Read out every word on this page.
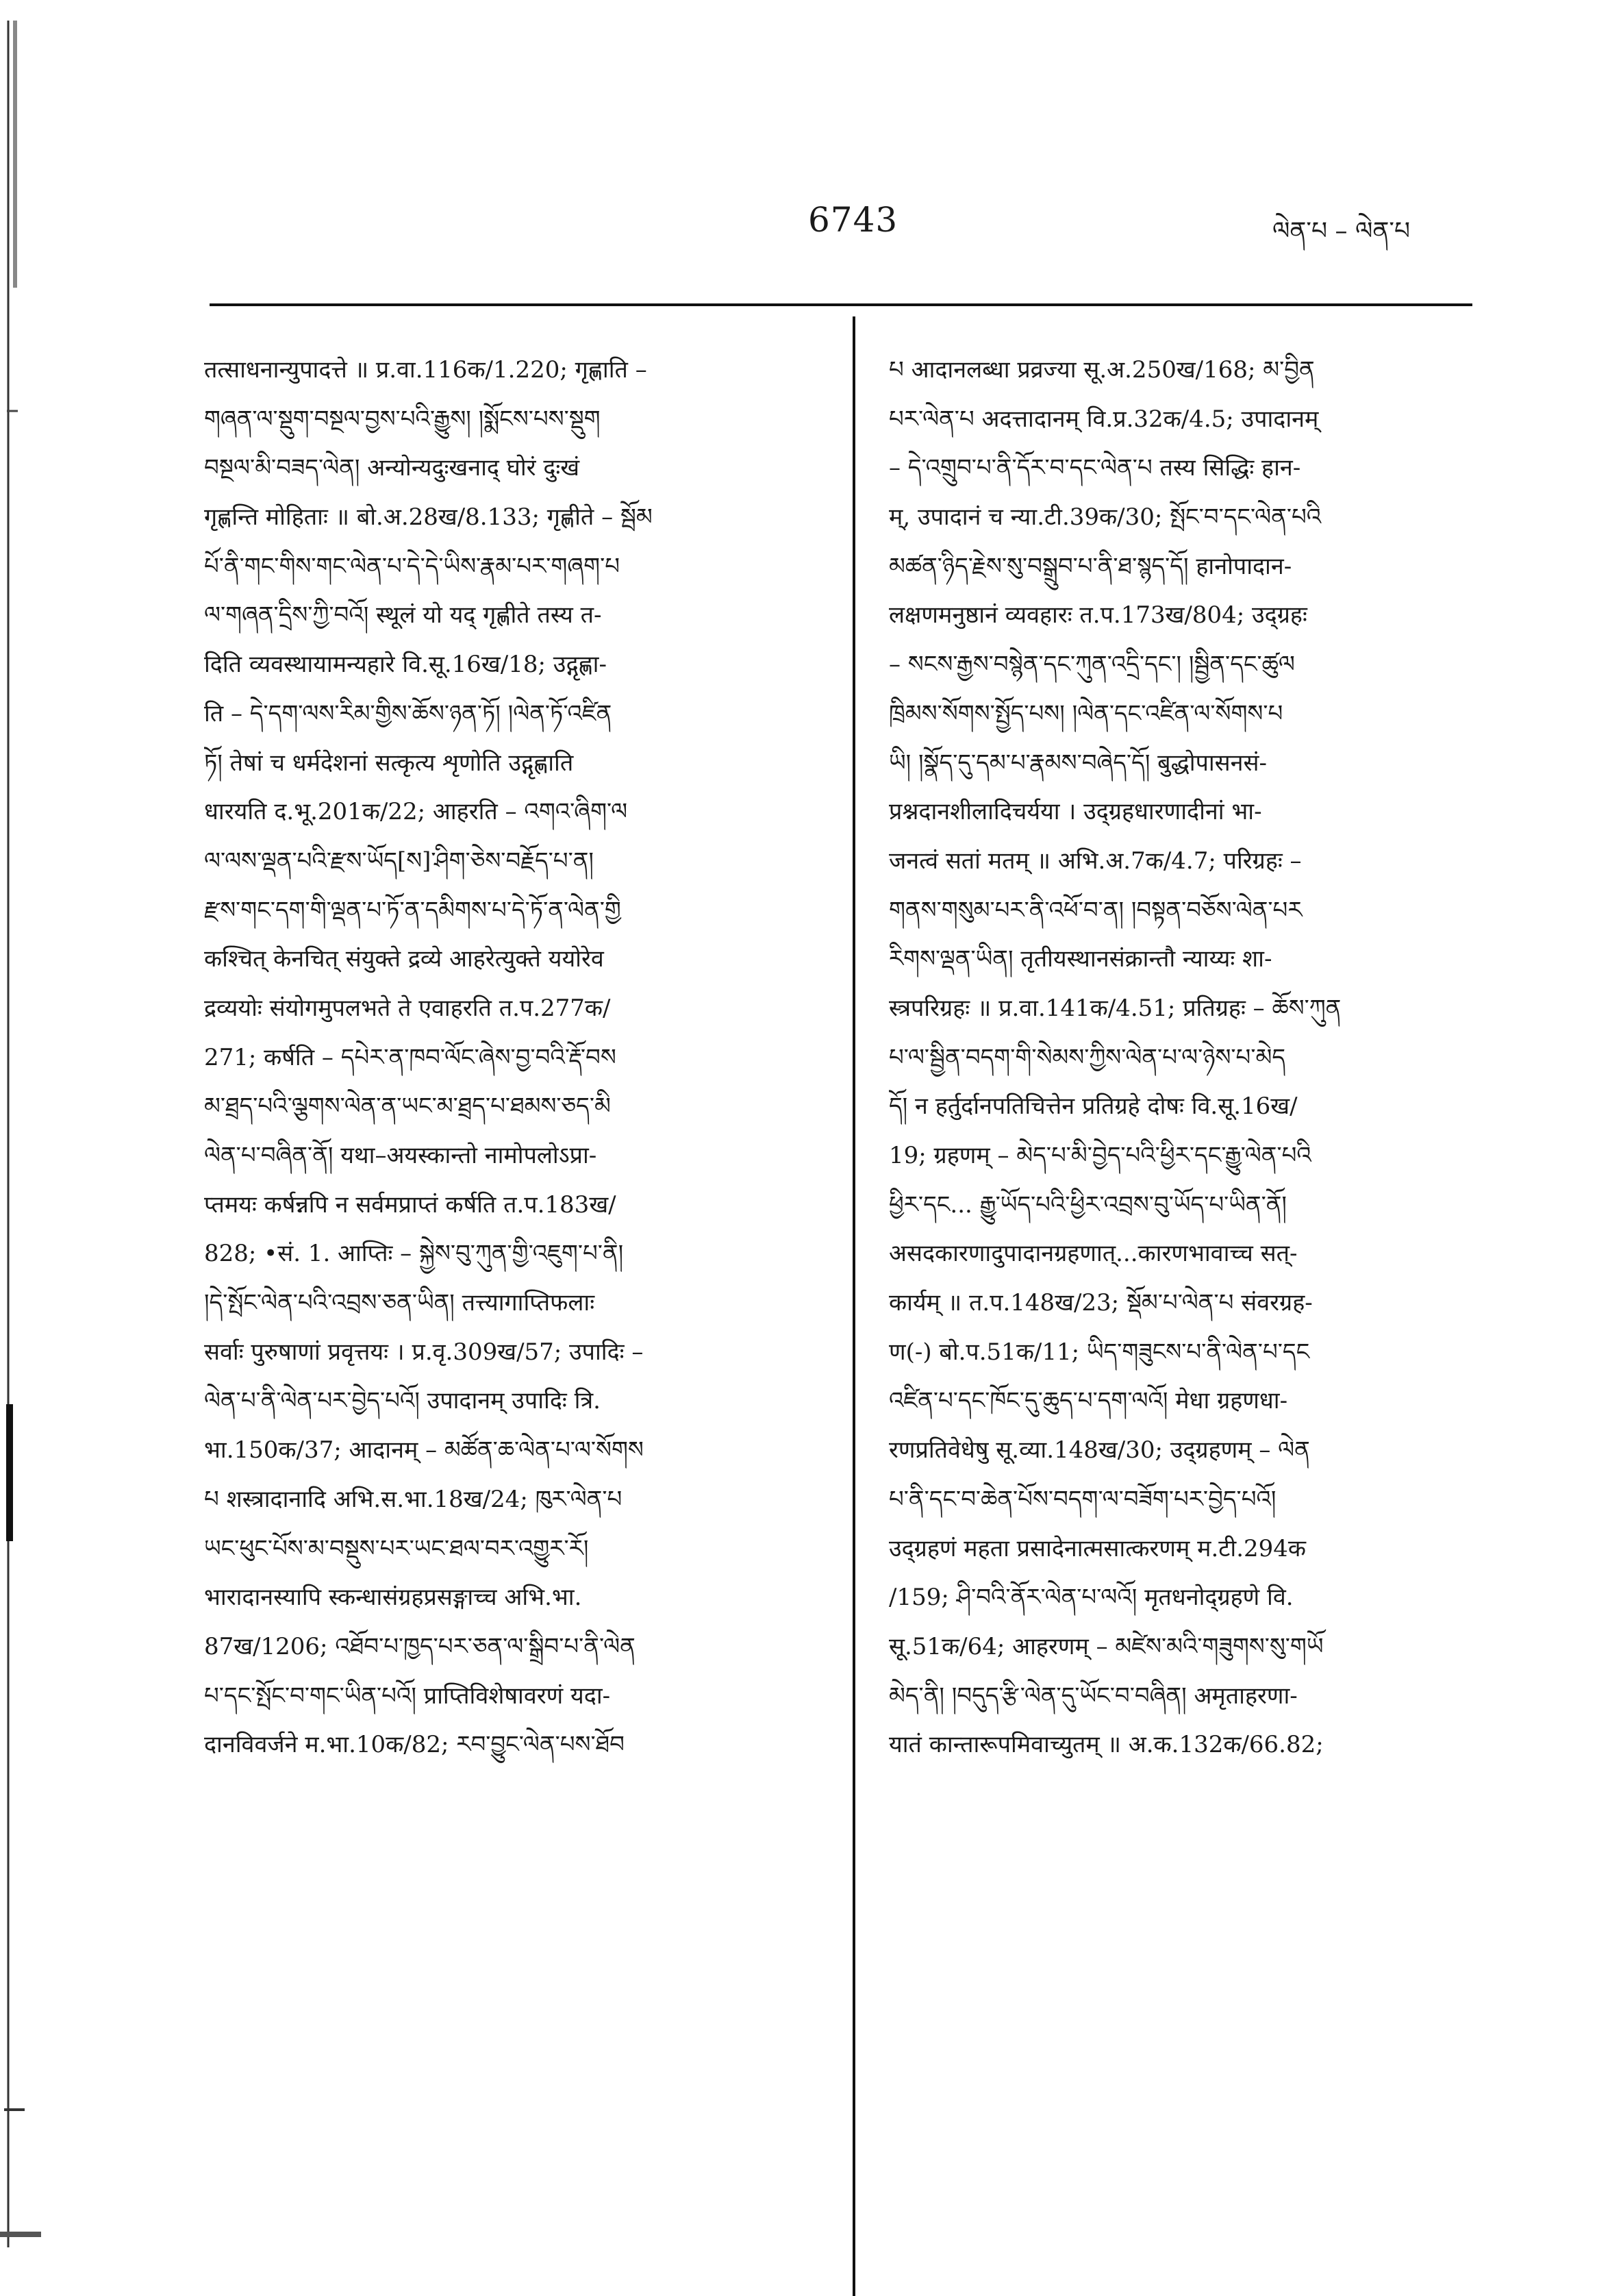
6743	ལེན་པ – ལེན་པ
तत्साधनान्युपादत्ते ॥ प्र.वा.116क/1.220; गृह्णाति –
གཞན་ལ་སྡུག་བསྔལ་བྱས་པའི་རྒྱུས། །སྨོངས་པས་སྡུག
བསྔལ་མི་བཟད་ལེན། अन्योन्यदुःखनाद् घोरं दुःखं
गृह्णन्ति मोहिताः ॥ बो.अ.28ख/8.133; गृह्णीते – སྦོམ
པོ་ནི་གང་གིས་གང་ལེན་པ་དེ་དེ་ཡིས་རྣམ་པར་གཞག་པ
ལ་གཞན་དྲིས་ཀྱི་བའོ། स्थूलं यो यद् गृह्णीते तस्य त-
दिति व्यवस्थायामन्यहारे वि.सू.16ख/18; उद्गृह्णा-
ति – དེ་དག་ལས་རིམ་གྱིས་ཆོས་ཉན་ཏོ། །ལེན་ཏོ་འཛིན
ཏོ། तेषां च धर्मदेशनां सत्कृत्य शृणोति उद्गृह्णाति
धारयति द.भू.201क/22; आहरति – འགའ་ཞིག་ལ
ལ་ལས་ལྡན་པའི་རྫས་ཡོད[ས]་ཤིག་ཅེས་བརྗོད་པ་ན།
རྫས་གང་དག་གི་ལྡན་པ་ཏོ་ན་དམིགས་པ་དེ་ཏོ་ན་ལེན་གྱི
कश्चित् केनचित् संयुक्ते द्रव्ये आहरेत्युक्ते ययोरेव
द्रव्ययोः संयोगमुपलभते ते एवाहरति त.प.277क/
271; कर्षति – དཔེར་ན་ཁབ་ལོང་ཞེས་བྱ་བའི་རྡོ་བས
མ་ཐྲད་པའི་ལྕགས་ལེན་ན་ཡང་མ་ཐྲད་པ་ཐམས་ཅད་མི
ལེན་པ་བཞིན་ནོ། यथा–अयस्कान्तो नामोपलोऽप्रा-
प्तमयः कर्षन्नपि न सर्वमप्राप्तं कर्षति त.प.183ख/
828; •सं. 1. आप्तिः – སྐྱེས་བུ་ཀུན་གྱི་འཇུག་པ་ནི།
།དེ་སྤོང་ལེན་པའི་འབྲས་ཅན་ཡིན། तत्त्यागाप्तिफलाः
सर्वाः पुरुषाणां प्रवृत्तयः । प्र.वृ.309ख/57; उपादिः –
ལེན་པ་ནི་ལེན་པར་བྱེད་པའོ། उपादानम् उपादिः त्रि.
भा.150क/37; आदानम् – མཚོན་ཆ་ལེན་པ་ལ་སོགས
པ शस्त्रादानादि अभि.स.भा.18ख/24; ཁུར་ལེན་པ
ཡང་ཕུང་པོས་མ་བསྡུས་པར་ཡང་ཐལ་བར་འགྱུར་རོ།
भारादानस्यापि स्कन्धासंग्रहप्रसङ्गाच्च अभि.भा.
87ख/1206; འཐོབ་པ་ཁྱད་པར་ཅན་ལ་སྒྲིབ་པ་ནི་ལེན
པ་དང་སྤོང་བ་གང་ཡིན་པའོ། प्राप्तिविशेषावरणं यदा-
दानविवर्जने म.भा.10क/82; རབ་བྱུང་ལེན་པས་ཐོབ
པ आदानलब्धा प्रव्रज्या सू.अ.250ख/168; མ་བྱིན
པར་ལེན་པ अदत्तादानम् वि.प्र.32क/4.5; उपादानम्
– དེ་འགྲུབ་པ་ནི་དོར་བ་དང་ལེན་པ तस्य सिद्धिः हान-
म्, उपादानं च न्या.टी.39क/30; སྤོང་བ་དང་ལེན་པའི
མཚན་ཉིད་རྗེས་སུ་བསྒྲུབ་པ་ནི་ཐ་སྙད་དོ། हानोपादान-
लक्षणमनुष्ठानं व्यवहारः त.प.173ख/804; उद्ग्रहः
– སངས་རྒྱས་བསྙེན་དང་ཀུན་འདྲི་དང་། །སྦྱིན་དང་ཚུལ
ཁྲིམས་སོགས་སྤྱོད་པས། །ལེན་དང་འཛིན་ལ་སོགས་པ
ཡི། །སྣོད་དུ་དམ་པ་རྣམས་བཞེད་དོ། बुद्धोपासनसं-
प्रश्नदानशीलादिचर्यया । उद्ग्रहधारणादीनां भा-
जनत्वं सतां मतम् ॥ अभि.अ.7क/4.7; परिग्रहः –
གནས་གསུམ་པར་ནི་འཕོ་བ་ན། །བསྟན་བཅོས་ལེན་པར
རིགས་ལྡན་ཡིན། तृतीयस्थानसंक्रान्तौ न्याय्यः शा-
स्त्रपरिग्रहः ॥ प्र.वा.141क/4.51; प्रतिग्रहः – ཆོས་ཀུན
པ་ལ་སྦྱིན་བདག་གི་སེམས་ཀྱིས་ལེན་པ་ལ་ཉེས་པ་མེད
དོ། न हर्तुर्दानपतिचित्तेन प्रतिग्रहे दोषः वि.सू.16ख/
19; ग्रहणम् – མེད་པ་མི་བྱེད་པའི་ཕྱིར་དང་རྒྱུ་ལེན་པའི
ཕྱིར་དང... རྒྱུ་ཡོད་པའི་ཕྱིར་འབྲས་བུ་ཡོད་པ་ཡིན་ནོ།
असदकारणादुपादानग्रहणात्...कारणभावाच्च सत्-
कार्यम् ॥ त.प.148ख/23; སྡོམ་པ་ལེན་པ संवरग्रह-
ण(-) बो.प.51क/11; ཡིད་གཟུངས་པ་ནི་ལེན་པ་དང
འཛིན་པ་དང་ཁོང་དུ་ཆུད་པ་དག་ལའོ། मेधा ग्रहणधा-
रणप्रतिवेधेषु सू.व्या.148ख/30; उद्ग्रहणम् – ལེན
པ་ནི་དང་བ་ཆེན་པོས་བདག་ལ་བཟོག་པར་བྱེད་པའོ།
उद्ग्रहणं महता प्रसादेनात्मसात्करणम् म.टी.294क
/159; ཤི་བའི་ནོར་ལེན་པ་ལའོ། मृतधनोद्ग्रहणे वि.
सू.51क/64; आहरणम् – མཛེས་མའི་གཟུགས་སུ་གཡོ
མེད་ནི། །བདུད་རྩི་ལེན་དུ་ཡོང་བ་བཞིན། अमृताहरणा-
यातं कान्तारूपमिवाच्युतम् ॥ अ.क.132क/66.82;
